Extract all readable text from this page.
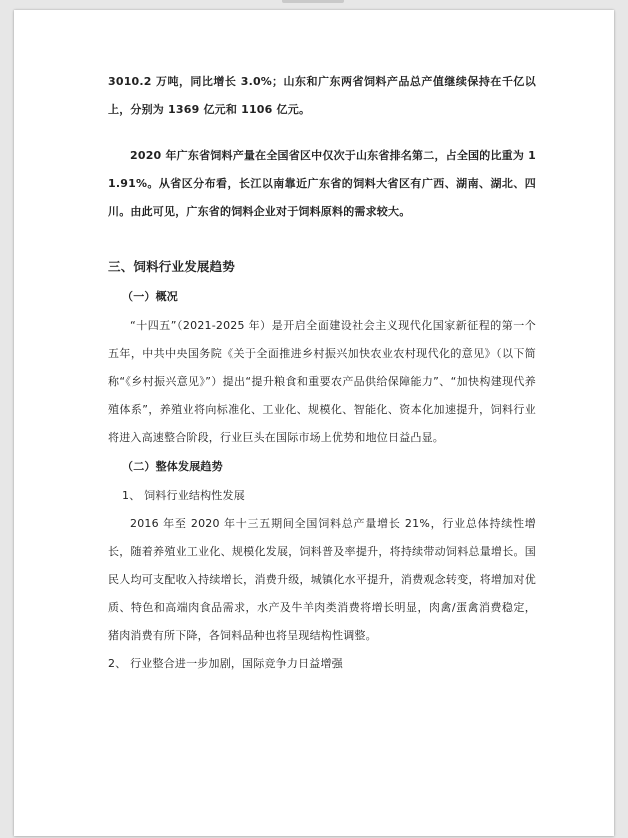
3010.2 万吨，同比增长 3.0%；山东和广东两省饲料产品总产值继续保持在千亿以上，分别为 1369 亿元和 1106 亿元。

2020 年广东省饲料产量在全国省区中仅次于山东省排名第二，占全国的比重为 11.91%。从省区分布看，长江以南靠近广东省的饲料大省区有广西、湖南、湖北、四川。由此可见，广东省的饲料企业对于饲料原料的需求较大。

三、饲料行业发展趋势

（一）概况

“十四五”（2021-2025 年）是开启全面建设社会主义现代化国家新征程的第一个五年，中共中央国务院《关于全面推进乡村振兴加快农业农村现代化的意见》（以下简称“《乡村振兴意见》”）提出“提升粮食和重要农产品供给保障能力”、“加快构建现代养殖体系”，养殖业将向标准化、工业化、规模化、智能化、资本化加速提升，饲料行业将进入高速整合阶段，行业巨头在国际市场上优势和地位日益凸显。

（二）整体发展趋势

1、 饲料行业结构性发展

2016 年至 2020 年十三五期间全国饲料总产量增长 21%，行业总体持续性增长，随着养殖业工业化、规模化发展，饲料普及率提升，将持续带动饲料总量增长。国民人均可支配收入持续增长，消费升级，城镇化水平提升，消费观念转变，将增加对优质、特色和高端肉食品需求，水产及牛羊肉类消费将增长明显，肉禽/蛋禽消费稳定，猪肉消费有所下降，各饲料品种也将呈现结构性调整。

2、 行业整合进一步加剧，国际竞争力日益增强
